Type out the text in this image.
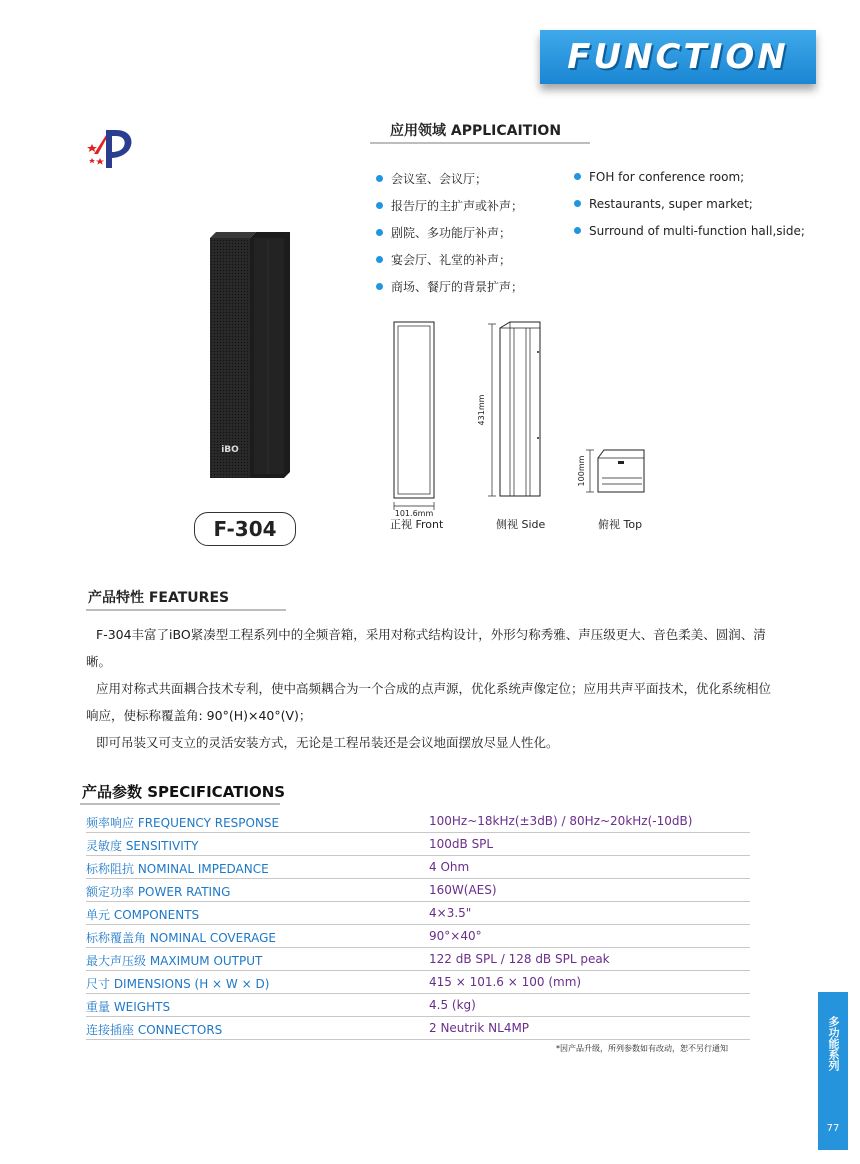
FUNCTION
应用领域 APPLICAITION
会议室、会议厅；
报告厅的主扩声或补声；
剧院、多功能厅补声；
宴会厅、礼堂的补声；
商场、餐厅的背景扩声；
FOH for conference room;
Restaurants, super market;
Surround of multi-function hall,side;
iBO
F-304
101.6mm
431mm
100mm
正视 Front	侧视 Side	俯视 Top
产品特性 FEATURES
F-304丰富了iBO紧凑型工程系列中的全频音箱，采用对称式结构设计，外形匀称秀雅、声压级更大、音色柔美、圆润、清
晰。
应用对称式共面耦合技术专利，使中高频耦合为一个合成的点声源，优化系统声像定位；应用共声平面技术，优化系统相位
响应，使标称覆盖角: 90°(H)×40°(V)；
即可吊装又可支立的灵活安装方式，无论是工程吊装还是会议地面摆放尽显人性化。
产品参数 SPECIFICATIONS
频率响应 FREQUENCY RESPONSE	100Hz~18kHz(±3dB) / 80Hz~20kHz(-10dB)
灵敏度 SENSITIVITY	100dB SPL
标称阻抗 NOMINAL IMPEDANCE	4 Ohm
额定功率 POWER RATING	160W(AES)
单元 COMPONENTS	4×3.5"
标称覆盖角 NOMINAL COVERAGE	90°×40°
最大声压级 MAXIMUM OUTPUT	122 dB SPL / 128 dB SPL peak
尺寸 DIMENSIONS (H × W × D)	415 × 101.6 × 100 (mm)
重量 WEIGHTS	4.5 (kg)
连接插座 CONNECTORS	2 Neutrik NL4MP
*因产品升级，所列参数如有改动，恕不另行通知	多功能系列
77
